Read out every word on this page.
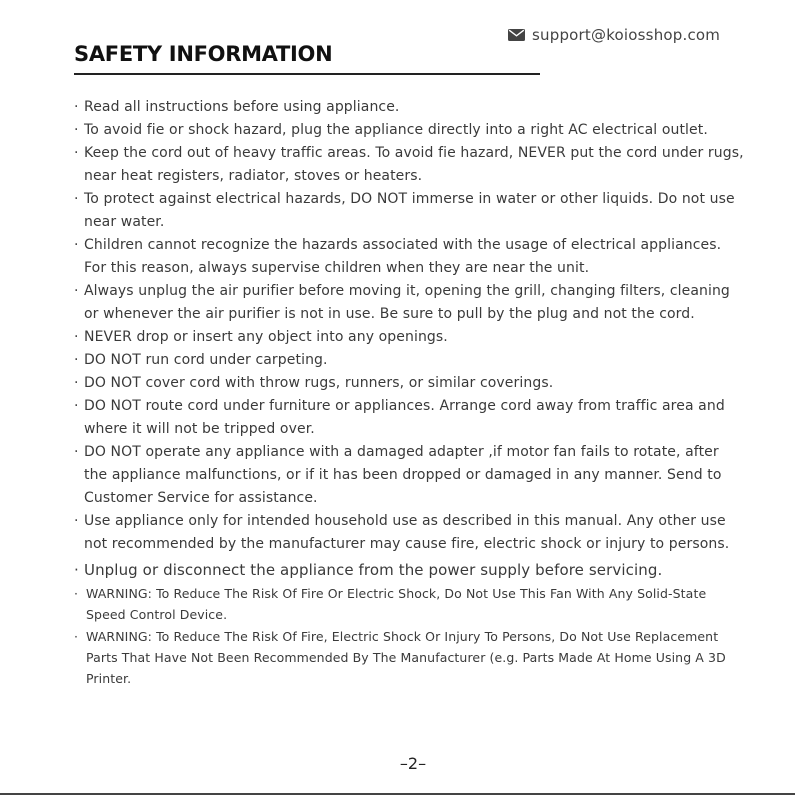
support@koiosshop.com
SAFETY INFORMATION
· Read all instructions before using appliance.
· To avoid fie or shock hazard, plug the appliance directly into a right AC electrical outlet.
· Keep the cord out of heavy traffic areas. To avoid fie hazard, NEVER put the cord under rugs, near heat registers, radiator, stoves or heaters.
· To protect against electrical hazards, DO NOT immerse in water or other liquids. Do not use near water.
· Children cannot recognize the hazards associated with the usage of electrical appliances. For this reason, always supervise children when they are near the unit.
· Always unplug the air purifier before moving it, opening the grill, changing filters, cleaning or whenever the air purifier is not in use. Be sure to pull by the plug and not the cord.
· NEVER drop or insert any object into any openings.
· DO NOT run cord under carpeting.
· DO NOT cover cord with throw rugs, runners, or similar coverings.
· DO NOT route cord under furniture or appliances. Arrange cord away from traffic area and where it will not be tripped over.
· DO NOT operate any appliance with a damaged adapter ,if motor fan fails to rotate, after the appliance malfunctions, or if it has been dropped or damaged in any manner. Send to Customer Service for assistance.
· Use appliance only for intended household use as described in this manual. Any other use not recommended by the manufacturer may cause fire, electric shock or injury to persons.
· Unplug or disconnect the appliance from the power supply before servicing.
· WARNING: To Reduce The Risk Of Fire Or Electric Shock, Do Not Use This Fan With Any Solid-State Speed Control Device.
· WARNING: To Reduce The Risk Of Fire, Electric Shock Or Injury To Persons, Do Not Use Replacement Parts That Have Not Been Recommended By The Manufacturer (e.g. Parts Made At Home Using A 3D Printer.
–2–
